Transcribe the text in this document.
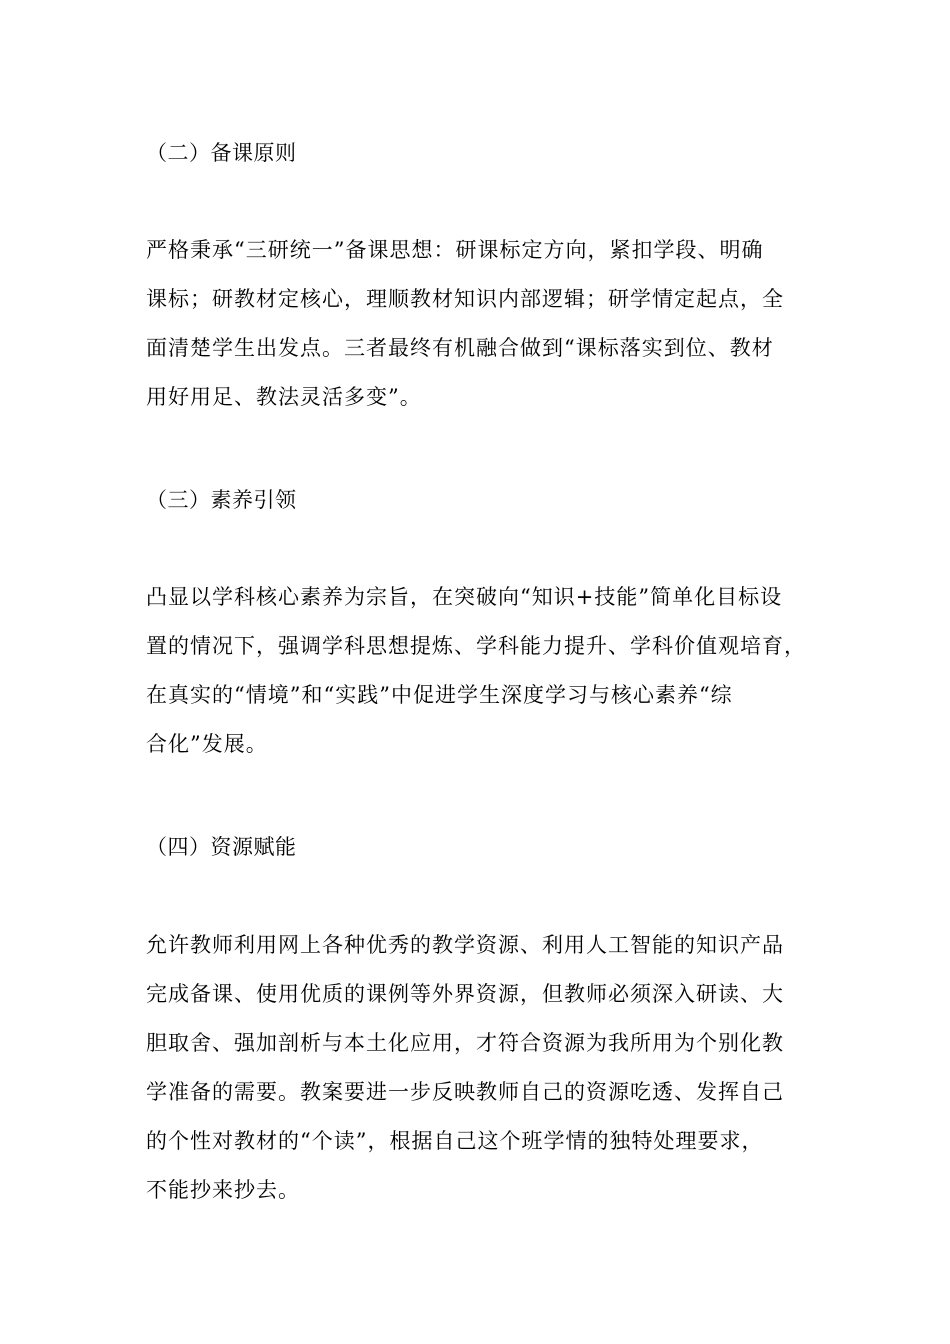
（二）备课原则
严格秉承“三研统一”备课思想：研课标定方向，紧扣学段、明确
课标；研教材定核心，理顺教材知识内部逻辑；研学情定起点，全
面清楚学生出发点。三者最终有机融合做到“课标落实到位、教材
用好用足、教法灵活多变”。
（三）素养引领
凸显以学科核心素养为宗旨，在突破向“知识+技能”简单化目标设
置的情况下，强调学科思想提炼、学科能力提升、学科价值观培育，
在真实的“情境”和“实践”中促进学生深度学习与核心素养“综
合化”发展。
（四）资源赋能
允许教师利用网上各种优秀的教学资源、利用人工智能的知识产品
完成备课、使用优质的课例等外界资源，但教师必须深入研读、大
胆取舍、强加剖析与本土化应用，才符合资源为我所用为个别化教
学准备的需要。教案要进一步反映教师自己的资源吃透、发挥自己
的个性对教材的“个读”，根据自己这个班学情的独特处理要求，
不能抄来抄去。
